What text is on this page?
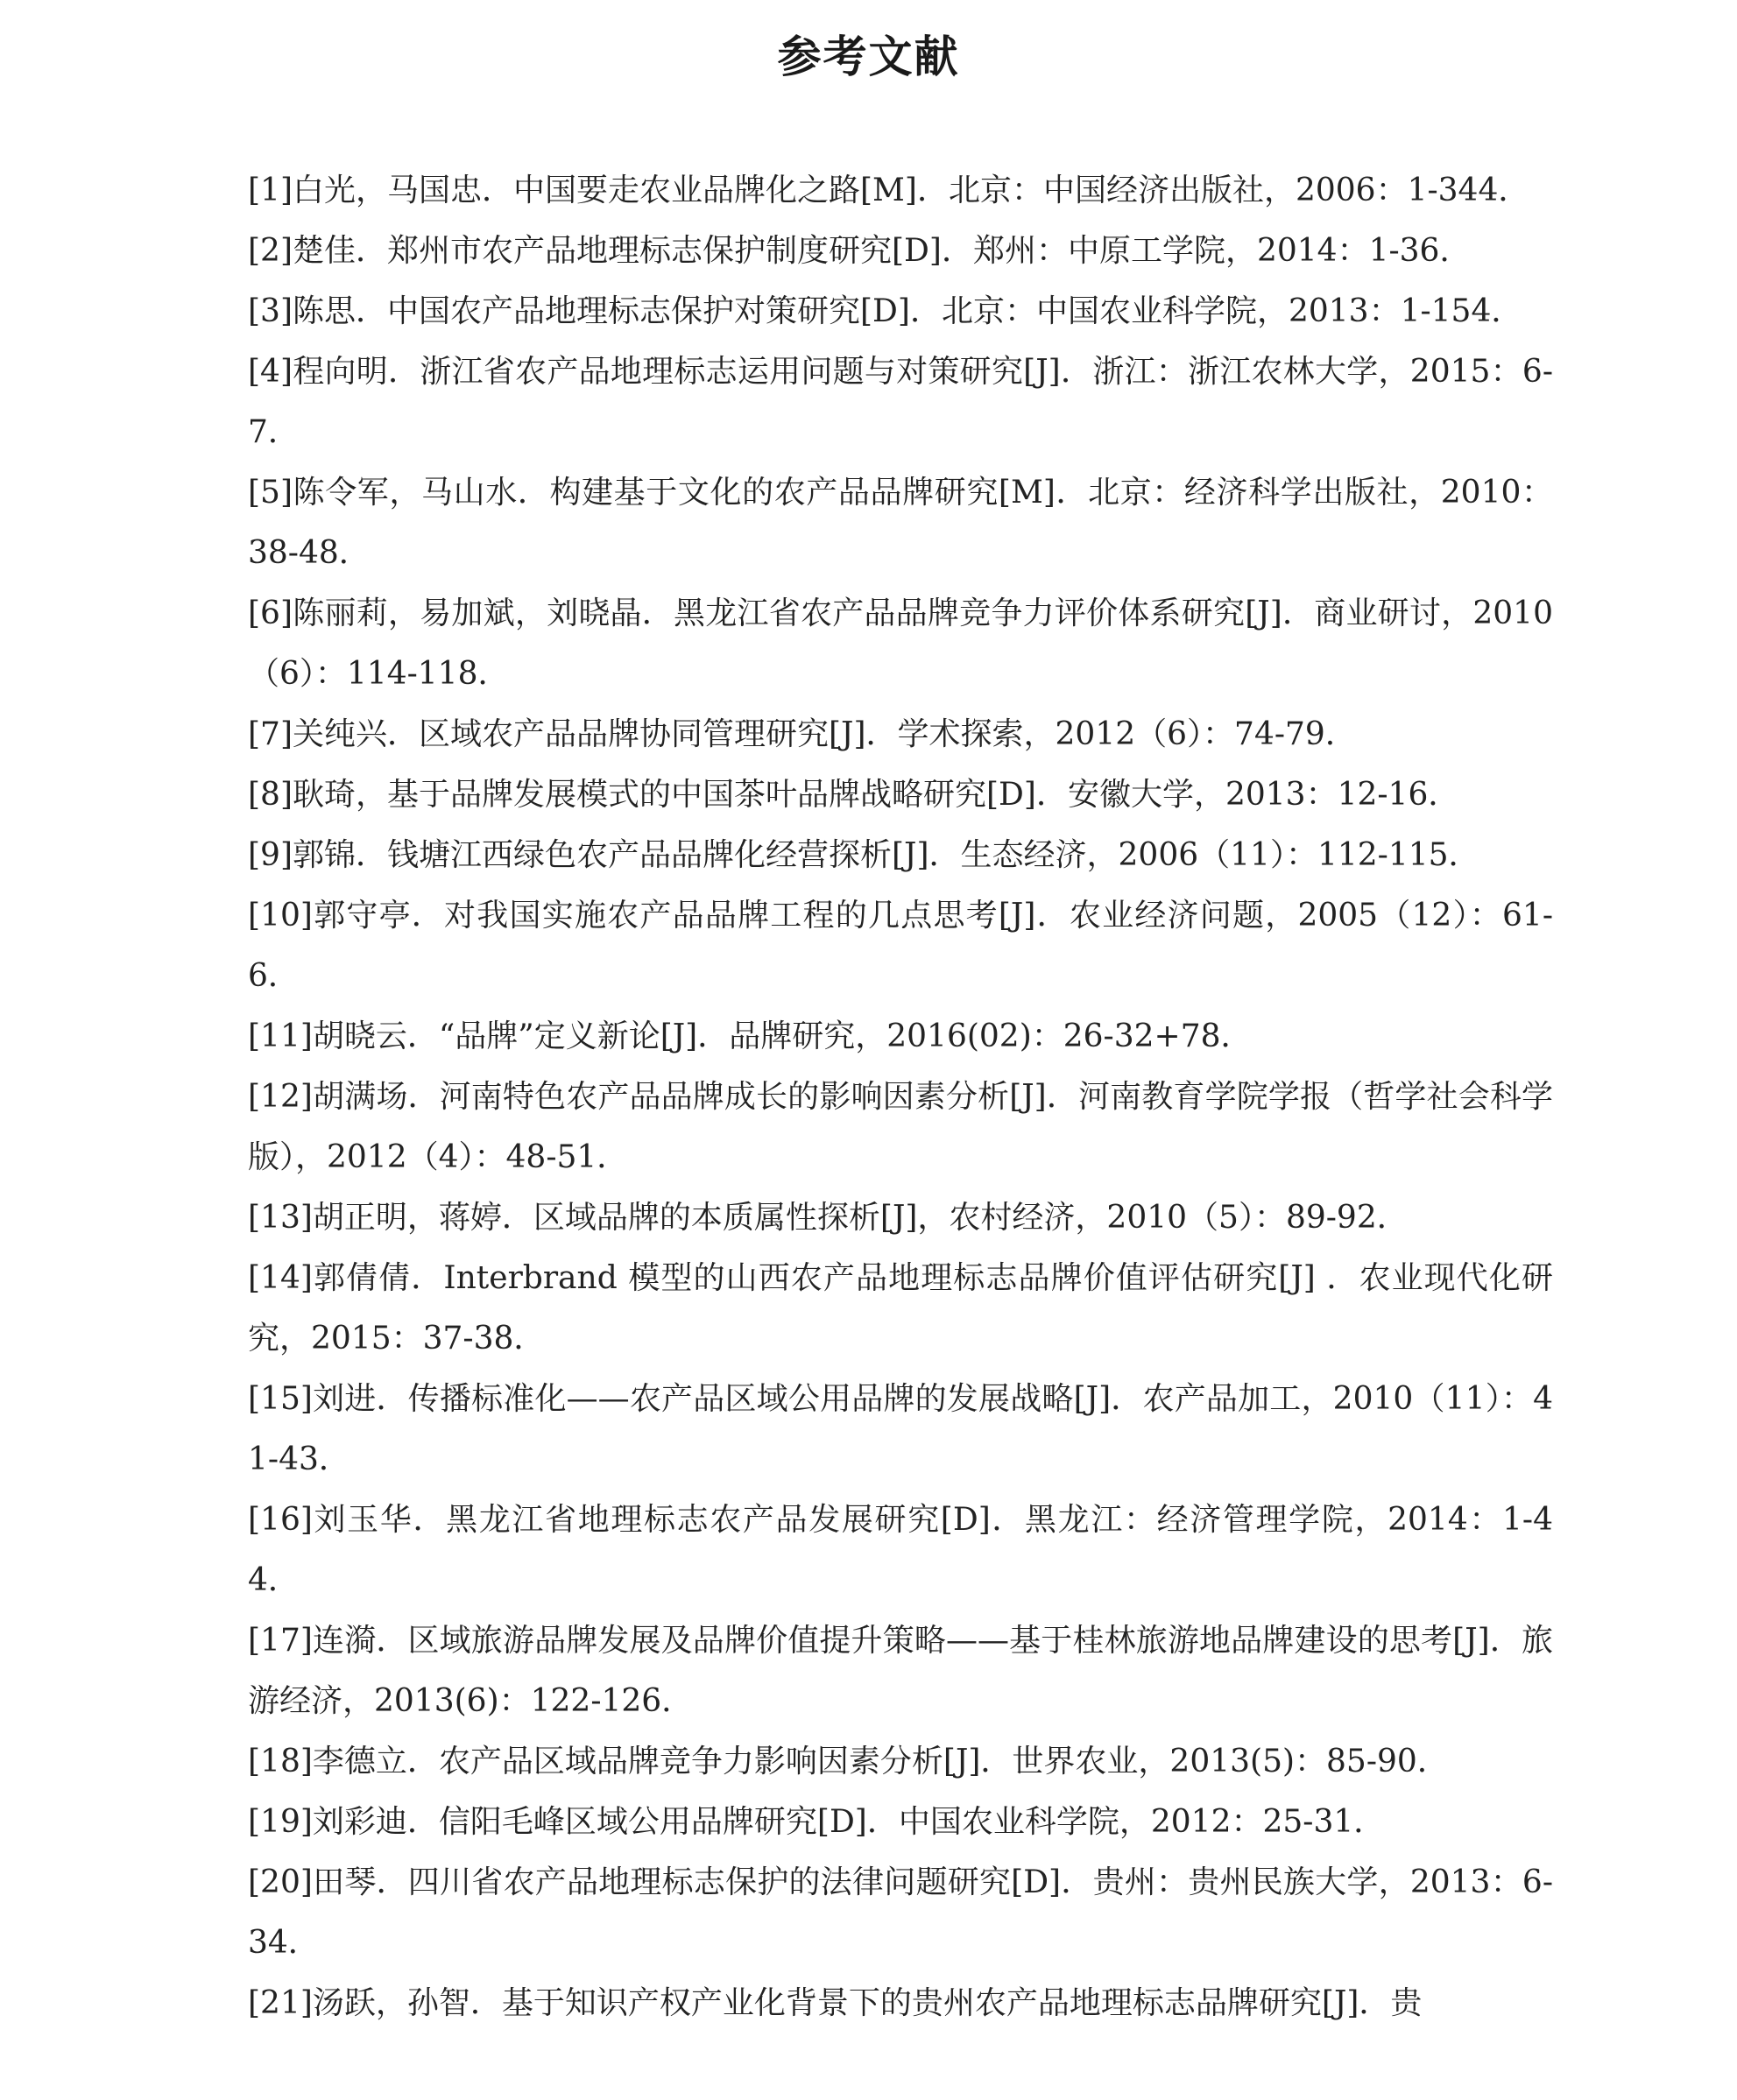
参考文献

[1]白光，马国忠．中国要走农业品牌化之路[M]．北京：中国经济出版社，2006：1-344．

[2]楚佳．郑州市农产品地理标志保护制度研究[D]．郑州：中原工学院，2014：1-36．

[3]陈思．中国农产品地理标志保护对策研究[D]．北京：中国农业科学院，2013：1-154．

[4]程向明．浙江省农产品地理标志运用问题与对策研究[J]．浙江：浙江农林大学，2015：6-7．

[5]陈令军，马山水．构建基于文化的农产品品牌研究[M]．北京：经济科学出版社，2010：38-48．

[6]陈丽莉，易加斌，刘晓晶．黑龙江省农产品品牌竞争力评价体系研究[J]．商业研讨，2010（6）：114-118．

[7]关纯兴．区域农产品品牌协同管理研究[J]．学术探索，2012（6）：74-79．

[8]耿琦，基于品牌发展模式的中国茶叶品牌战略研究[D]．安徽大学，2013：12-16．

[9]郭锦．钱塘江西绿色农产品品牌化经营探析[J]．生态经济，2006（11）：112-115．

[10]郭守亭．对我国实施农产品品牌工程的几点思考[J]．农业经济问题，2005（12）：61-6．

[11]胡晓云．“品牌”定义新论[J]．品牌研究，2016(02)：26-32+78．

[12]胡满场．河南特色农产品品牌成长的影响因素分析[J]．河南教育学院学报（哲学社会科学版），2012（4）：48-51．

[13]胡正明，蒋婷．区域品牌的本质属性探析[J]，农村经济，2010（5）：89-92．

[14]郭倩倩．Interbrand 模型的山西农产品地理标志品牌价值评估研究[J] ．农业现代化研究，2015：37-38．

[15]刘进．传播标准化——农产品区域公用品牌的发展战略[J]．农产品加工，2010（11）：41-43．

[16]刘玉华．黑龙江省地理标志农产品发展研究[D]．黑龙江：经济管理学院，2014：1-44．

[17]连漪．区域旅游品牌发展及品牌价值提升策略——基于桂林旅游地品牌建设的思考[J]．旅游经济，2013(6)：122-126．

[18]李德立．农产品区域品牌竞争力影响因素分析[J]．世界农业，2013(5)：85-90．

[19]刘彩迪．信阳毛峰区域公用品牌研究[D]．中国农业科学院，2012：25-31．

[20]田琴．四川省农产品地理标志保护的法律问题研究[D]．贵州：贵州民族大学，2013：6-34．

[21]汤跃，孙智．基于知识产权产业化背景下的贵州农产品地理标志品牌研究[J]．贵
